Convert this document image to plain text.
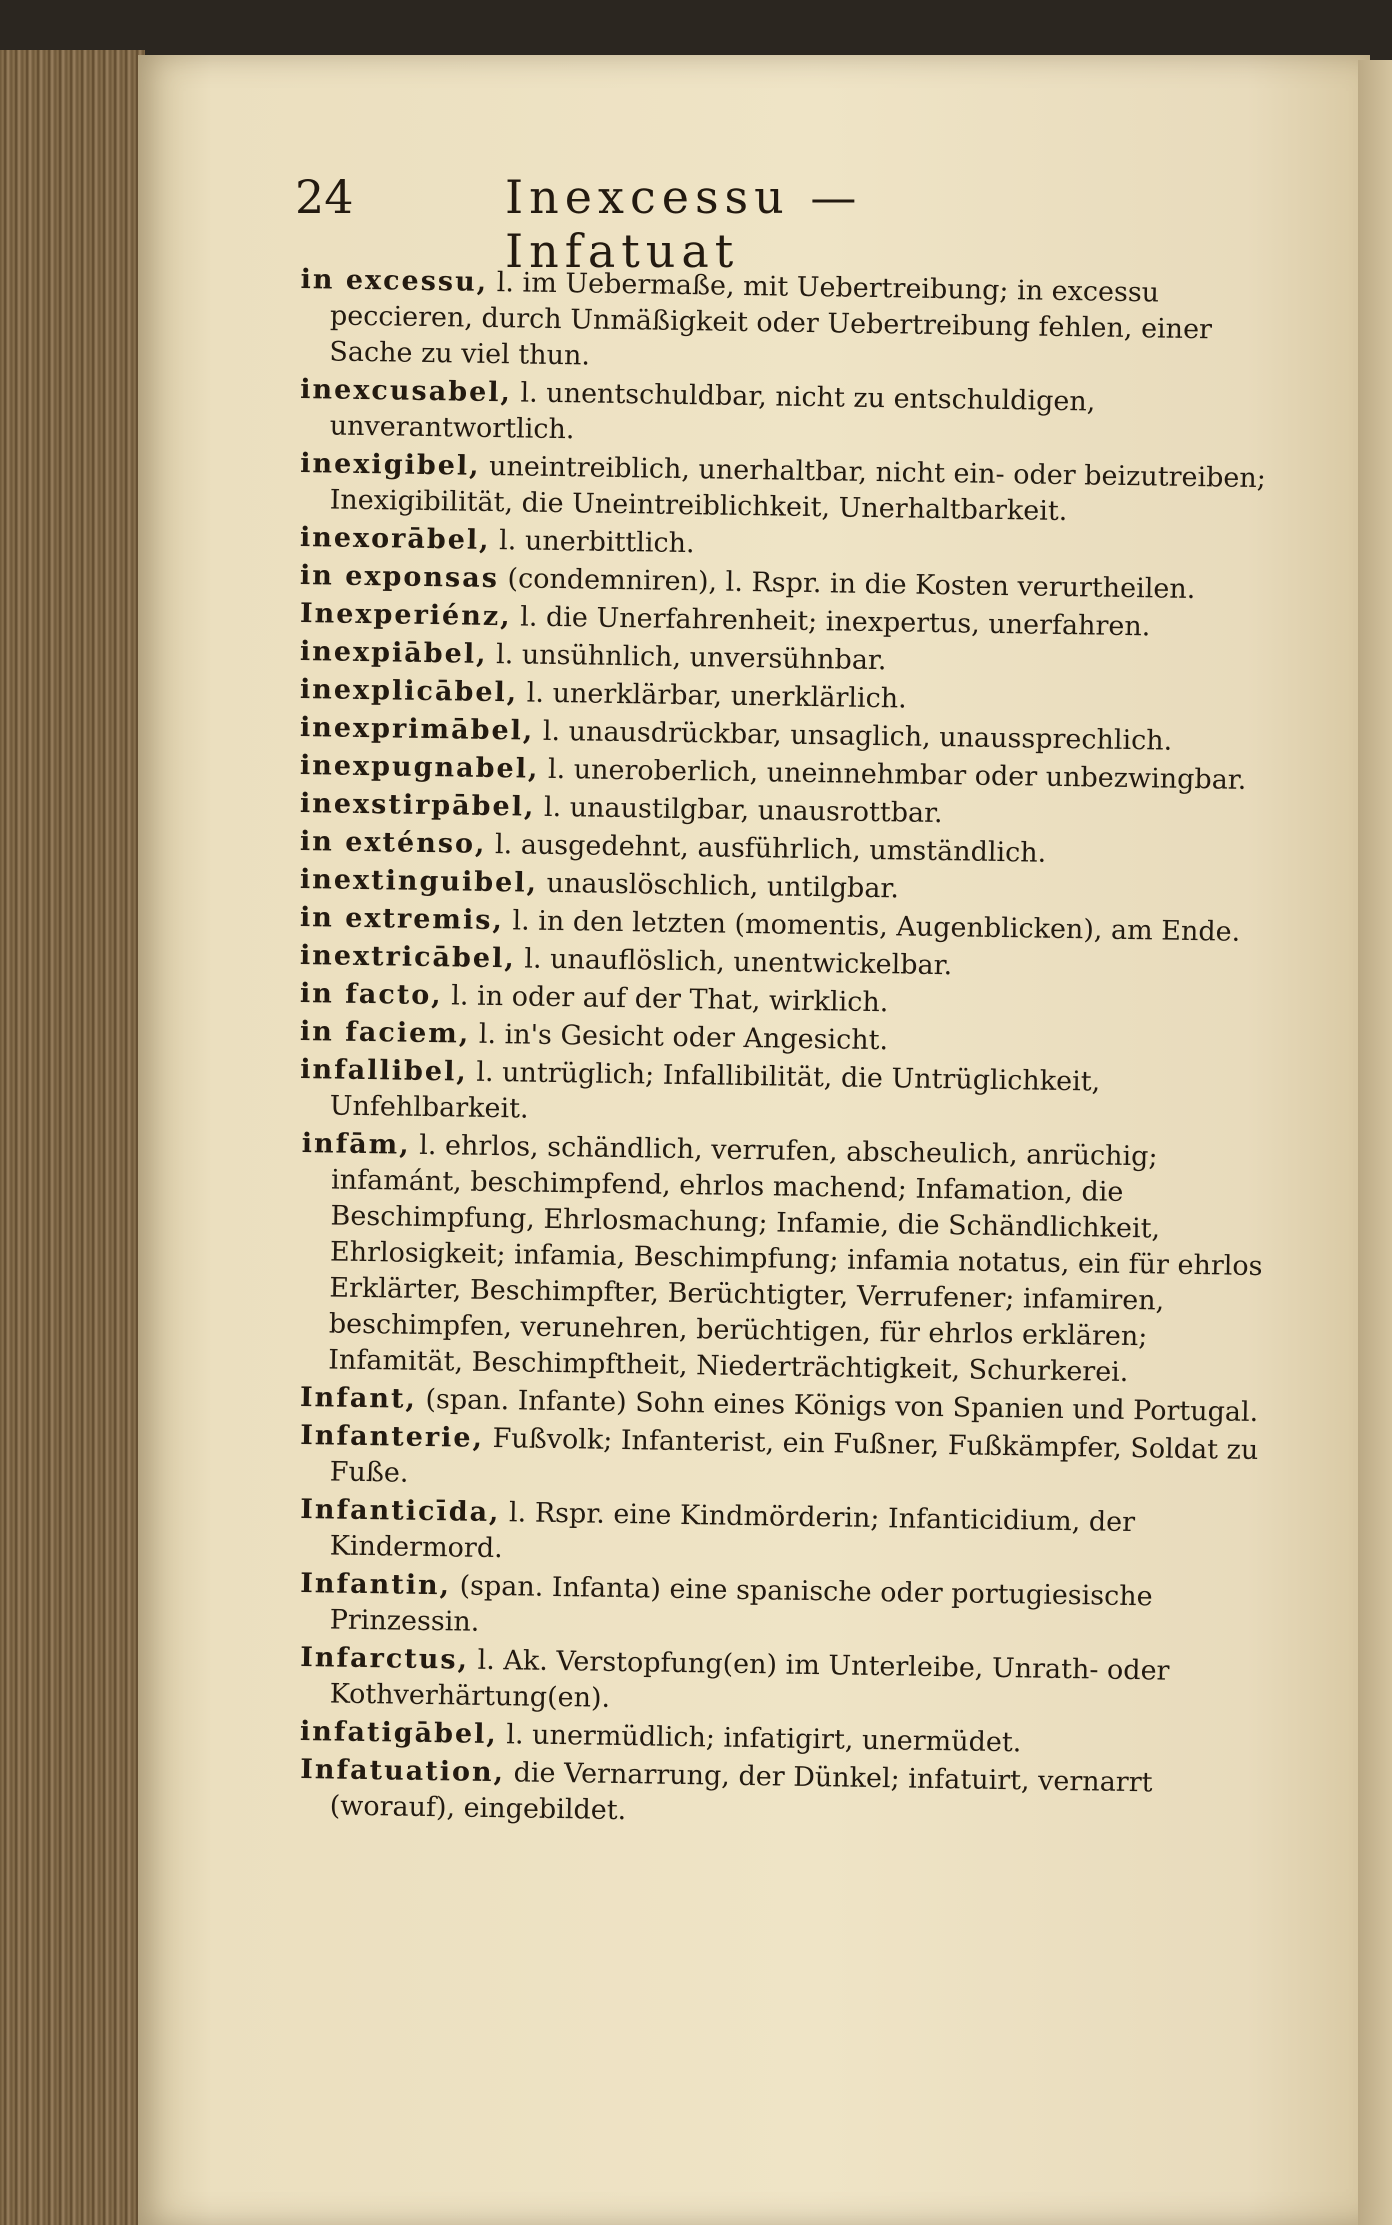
24	Inexcessu — Infatuat

in excessu, l. im Uebermaße, mit Uebertreibung; in excessu peccieren, durch Unmäßigkeit oder Uebertreibung fehlen, einer Sache zu viel thun.

inexcusabel, l. unentschuldbar, nicht zu entschuldigen, unverantwortlich.

inexigibel, uneintreiblich, unerhaltbar, nicht ein- oder beizutreiben; Inexigibilität, die Uneintreiblichkeit, Unerhaltbarkeit.

inexorābel, l. unerbittlich.

in exponsas (condemniren), l. Rspr. in die Kosten verurtheilen.

Inexperiénz, l. die Unerfahrenheit; inexpertus, unerfahren.

inexpiābel, l. unsühnlich, unversühnbar.

inexplicābel, l. unerklärbar, unerklärlich.

inexprimābel, l. unausdrückbar, unsaglich, unaussprechlich.

inexpugnabel, l. uneroberlich, uneinnehmbar oder unbezwingbar.

inexstirpābel, l. unaustilgbar, unausrottbar.

in exténso, l. ausgedehnt, ausführlich, umständlich.

inextinguibel, unauslöschlich, untilgbar.

in extremis, l. in den letzten (momentis, Augenblicken), am Ende.

inextricābel, l. unauflöslich, unentwickelbar.

in facto, l. in oder auf der That, wirklich.

in faciem, l. in's Gesicht oder Angesicht.

infallibel, l. untrüglich; Infallibilität, die Untrüglichkeit, Unfehlbarkeit.

infām, l. ehrlos, schändlich, verrufen, abscheulich, anrüchig; infamánt, beschimpfend, ehrlos machend; Infamation, die Beschimpfung, Ehrlosmachung; Infamie, die Schändlichkeit, Ehrlosigkeit; infamia, Beschimpfung; infamia notatus, ein für ehrlos Erklärter, Beschimpfter, Berüchtigter, Verrufener; infamiren, beschimpfen, verunehren, berüchtigen, für ehrlos erklären; Infamität, Beschimpftheit, Niederträchtigkeit, Schurkerei.

Infant, (span. Infante) Sohn eines Königs von Spanien und Portugal.

Infanterie, Fußvolk; Infanterist, ein Fußner, Fußkämpfer, Soldat zu Fuße.

Infanticīda, l. Rspr. eine Kindmörderin; Infanticidium, der Kindermord.

Infantin, (span. Infanta) eine spanische oder portugiesische Prinzessin.

Infarctus, l. Ak. Verstopfung(en) im Unterleibe, Unrath- oder Kothverhärtung(en).

infatigābel, l. unermüdlich; infatigirt, unermüdet.

Infatuation, die Vernarrung, der Dünkel; infatuirt, vernarrt (worauf), eingebildet.
